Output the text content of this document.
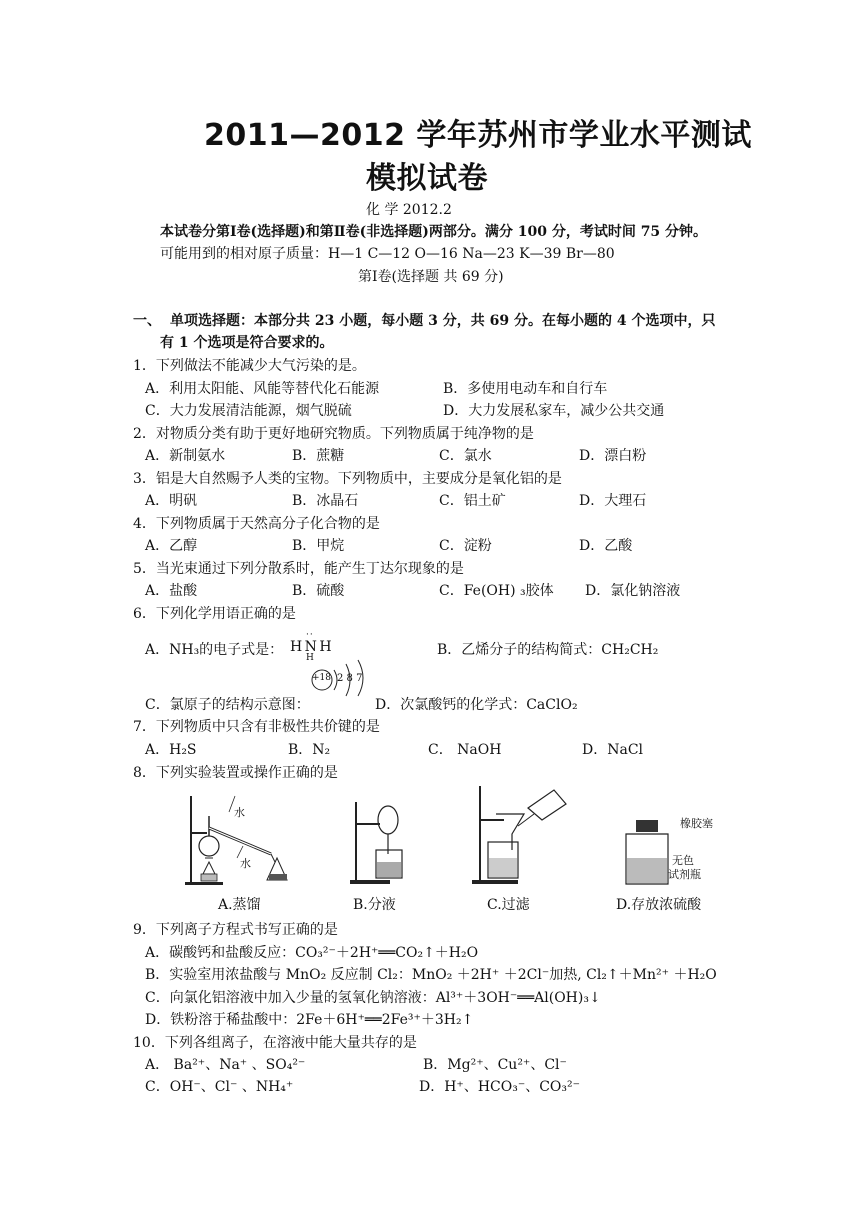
2011—2012 学年苏州市学业水平测试
模拟试卷
化 学 2012.2
本试卷分第Ⅰ卷(选择题)和第Ⅱ卷(非选择题)两部分。满分 100 分，考试时间 75 分钟。
可能用到的相对原子质量：H—1 C—12 O—16 Na—23 K—39 Br—80
第Ⅰ卷(选择题 共 69 分)
一、 单项选择题：本部分共 23 小题，每小题 3 分，共 69 分。在每小题的 4 个选项中，只
有 1 个选项是符合要求的。
1．下列做法不能减少大气污染的是。
A．利用太阳能、风能等替代化石能源	B．多使用电动车和自行车
C．大力发展清洁能源，烟气脱硫	D．大力发展私家车，减少公共交通
2．对物质分类有助于更好地研究物质。下列物质属于纯净物的是
A．新制氨水	B．蔗糖	C．氯水	D．漂白粉
3．铝是大自然赐予人类的宝物。下列物质中，主要成分是氧化铝的是
A．明矾	B．冰晶石	C．铝土矿	D．大理石
4．下列物质属于天然高分子化合物的是
A．乙醇	B．甲烷	C．淀粉	D．乙酸
5．当光束通过下列分散系时，能产生丁达尔现象的是
A．盐酸	B．硫酸	C．Fe(OH) ₃胶体 D．氯化钠溶液
6．下列化学用语正确的是
A．NH₃的电子式是： H N H
··
H	B．乙烯分子的结构简式：CH₂CH₂
+18 2 8 7
C．氯原子的结构示意图：	D．次氯酸钙的化学式：CaClO₂
7．下列物质中只含有非极性共价键的是
A．H₂S	B．N₂	C． NaOH	D．NaCl
8．下列实验装置或操作正确的是
水
水
橡胶塞
无色
试剂瓶
A.蒸馏	B.分液	C.过滤	D.存放浓硫酸
9．下列离子方程式书写正确的是
A．碳酸钙和盐酸反应：CO₃²⁻＋2H⁺══CO₂↑＋H₂O
B．实验室用浓盐酸与 MnO₂ 反应制 Cl₂：MnO₂ ＋2H⁺ ＋2Cl⁻加热, Cl₂↑＋Mn²⁺ ＋H₂O
C．向氯化铝溶液中加入少量的氢氧化钠溶液：Al³⁺＋3OH⁻══Al(OH)₃↓
D．铁粉溶于稀盐酸中：2Fe＋6H⁺══2Fe³⁺＋3H₂↑
10．下列各组离子，在溶液中能大量共存的是
A． Ba²⁺、Na⁺ 、SO₄²⁻	B．Mg²⁺、Cu²⁺、Cl⁻
C．OH⁻、Cl⁻ 、NH₄⁺	D．H⁺、HCO₃⁻、CO₃²⁻
